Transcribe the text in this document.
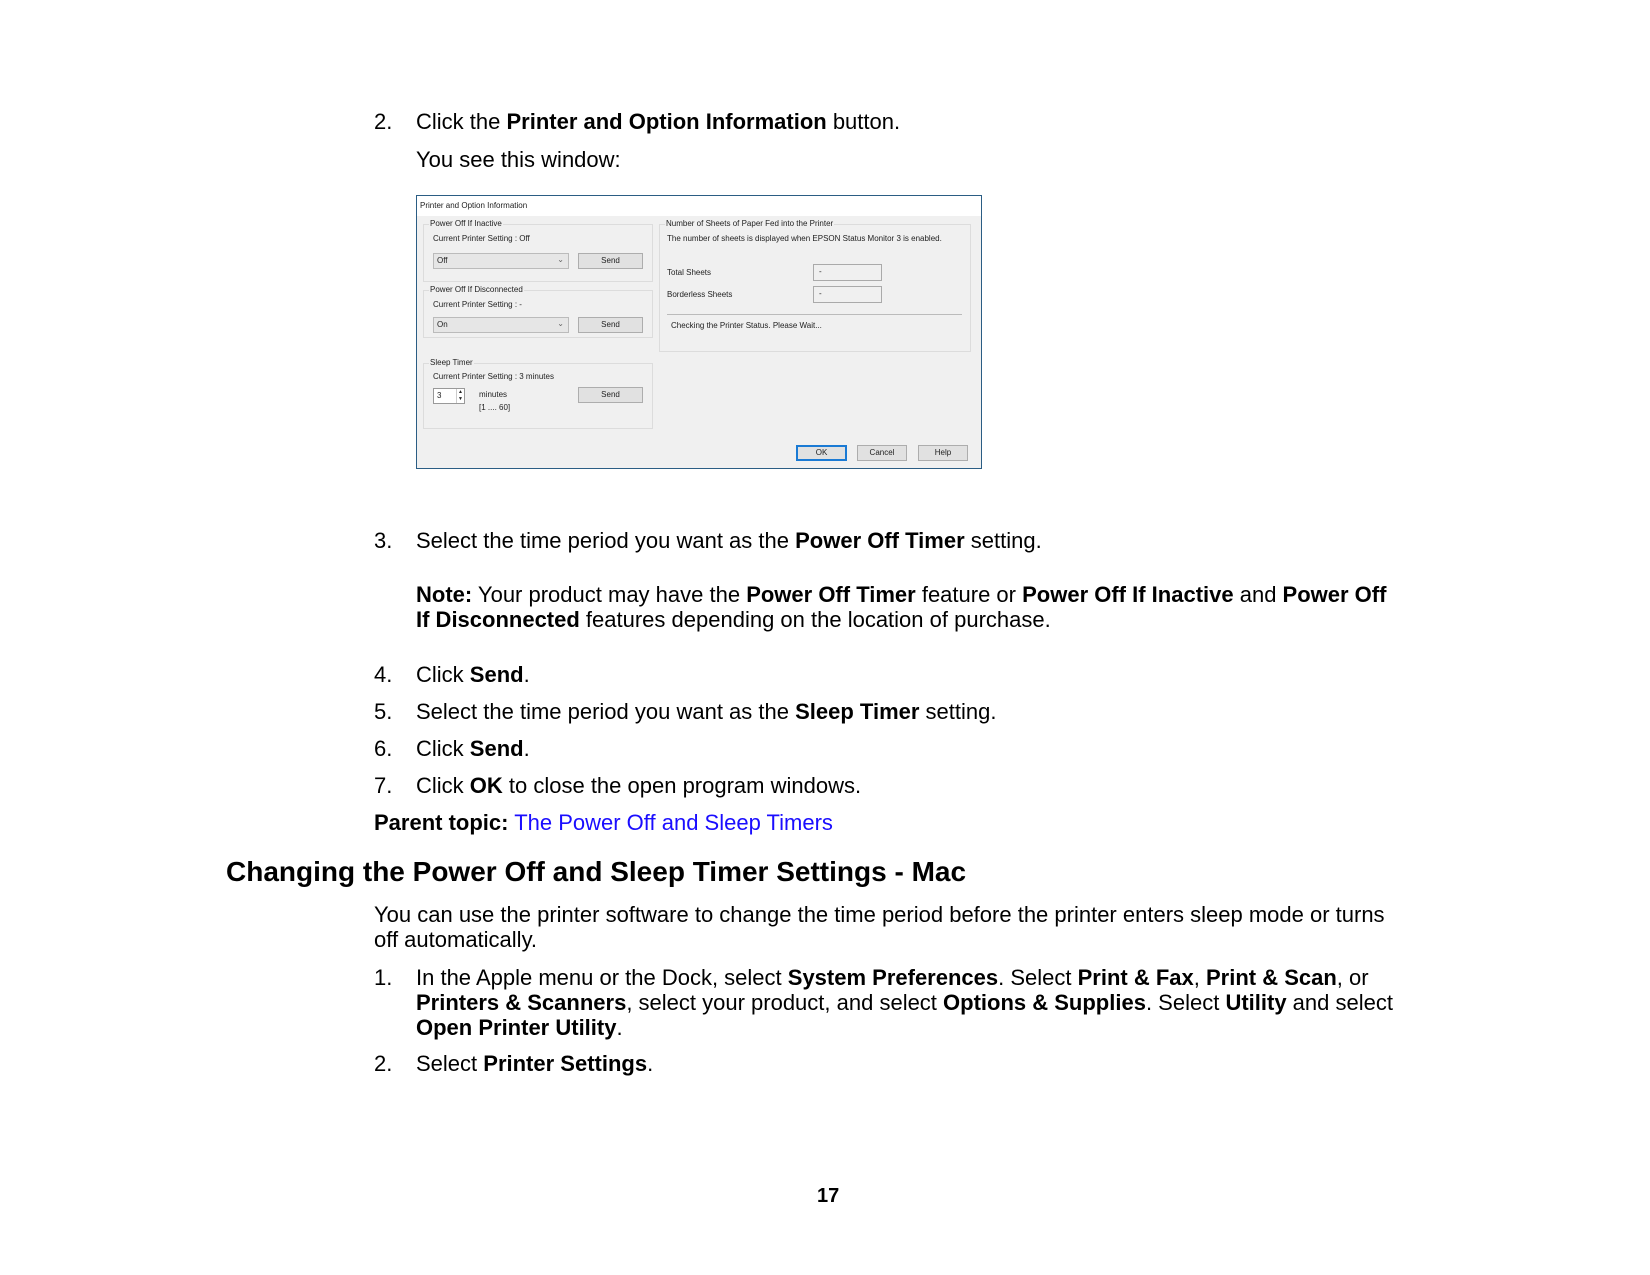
2. Click the Printer and Option Information button.
You see this window:
Printer and Option Information
Power Off If Inactive
Current Printer Setting : Off
Off	⌄	Send
Power Off If Disconnected
Current Printer Setting : -
On	⌄	Send
Sleep Timer
Current Printer Setting : 3 minutes
3	▲
▼ minutes
[1 .... 60]
Send
Number of Sheets of Paper Fed into the Printer
The number of sheets is displayed when EPSON Status Monitor 3 is enabled.
Total Sheets	-
Borderless Sheets	-
Checking the Printer Status. Please Wait...
OK	Cancel	Help
3. Select the time period you want as the Power Off Timer setting.
Note: Your product may have the Power Off Timer feature or Power Off If Inactive and Power Off
If Disconnected features depending on the location of purchase.
4. Click Send.
5. Select the time period you want as the Sleep Timer setting.
6. Click Send.
7. Click OK to close the open program windows.
Parent topic: The Power Off and Sleep Timers
Changing the Power Off and Sleep Timer Settings - Mac
You can use the printer software to change the time period before the printer enters sleep mode or turns
off automatically.
1. In the Apple menu or the Dock, select System Preferences. Select Print & Fax, Print & Scan, or
Printers & Scanners, select your product, and select Options & Supplies. Select Utility and select
Open Printer Utility.
2. Select Printer Settings.
17
